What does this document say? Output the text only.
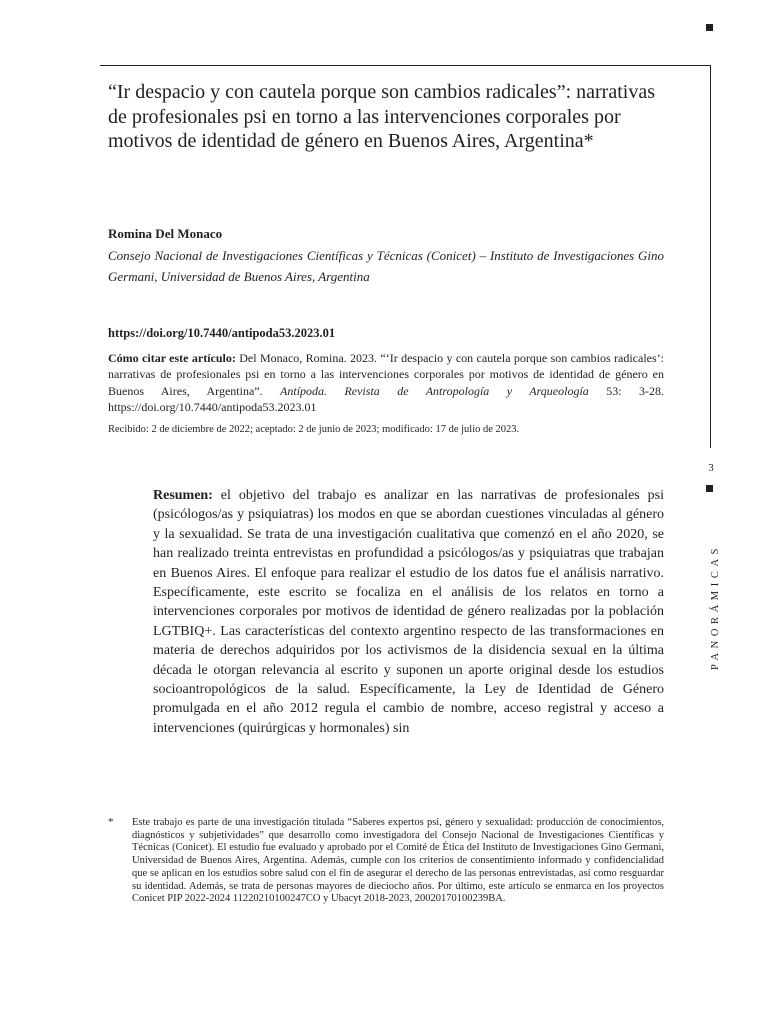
3
PANORÁMICAS
“Ir despacio y con cautela porque son cambios radicales”: narrativas de profesionales psi en torno a las intervenciones corporales por motivos de identidad de género en Buenos Aires, Argentina*

Romina Del Monaco

Consejo Nacional de Investigaciones Científicas y Técnicas (Conicet) – Instituto de Investigaciones Gino Germani, Universidad de Buenos Aires, Argentina

https://doi.org/10.7440/antipoda53.2023.01

Cómo citar este artículo: Del Monaco, Romina. 2023. “‘Ir despacio y con cautela porque son cambios radicales’: narrativas de profesionales psi en torno a las intervenciones corporales por motivos de identidad de género en Buenos Aires, Argentina”. Antípoda. Revista de Antropología y Arqueología 53: 3-28. https://doi.org/10.7440/antipoda53.2023.01

Recibido: 2 de diciembre de 2022; aceptado: 2 de junio de 2023; modificado: 17 de julio de 2023.

Resumen: el objetivo del trabajo es analizar en las narrativas de profesionales psi (psicólogos/as y psiquiatras) los modos en que se abordan cuestiones vinculadas al género y la sexualidad. Se trata de una investigación cualitativa que comenzó en el año 2020, se han realizado treinta entrevistas en profundidad a psicólogos/as y psiquiatras que trabajan en Buenos Aires. El enfoque para realizar el estudio de los datos fue el análisis narrativo. Específicamente, este escrito se focaliza en el análisis de los relatos en torno a intervenciones corporales por motivos de identidad de género realizadas por la población LGTBIQ+. Las características del contexto argentino respecto de las transformaciones en materia de derechos adquiridos por los activismos de la disidencia sexual en la última década le otorgan relevancia al escrito y suponen un aporte original desde los estudios socioantropológicos de la salud. Específicamente, la Ley de Identidad de Género promulgada en el año 2012 regula el cambio de nombre, acceso registral y acceso a intervenciones (quirúrgicas y hormonales) sin

* Este trabajo es parte de una investigación titulada “Saberes expertos psi, género y sexualidad: producción de conocimientos, diagnósticos y subjetividades” que desarrollo como investigadora del Consejo Nacional de Investigaciones Científicas y Técnicas (Conicet). El estudio fue evaluado y aprobado por el Comité de Ética del Instituto de Investigaciones Gino Germani, Universidad de Buenos Aires, Argentina. Además, cumple con los criterios de consentimiento informado y confidencialidad que se aplican en los estudios sobre salud con el fin de asegurar el derecho de las personas entrevistadas, así como resguardar su identidad. Además, se trata de personas mayores de dieciocho años. Por último, este artículo se enmarca en los proyectos Conicet PIP 2022-2024 11220210100247CO y Ubacyt 2018-2023, 20020170100239BA.
